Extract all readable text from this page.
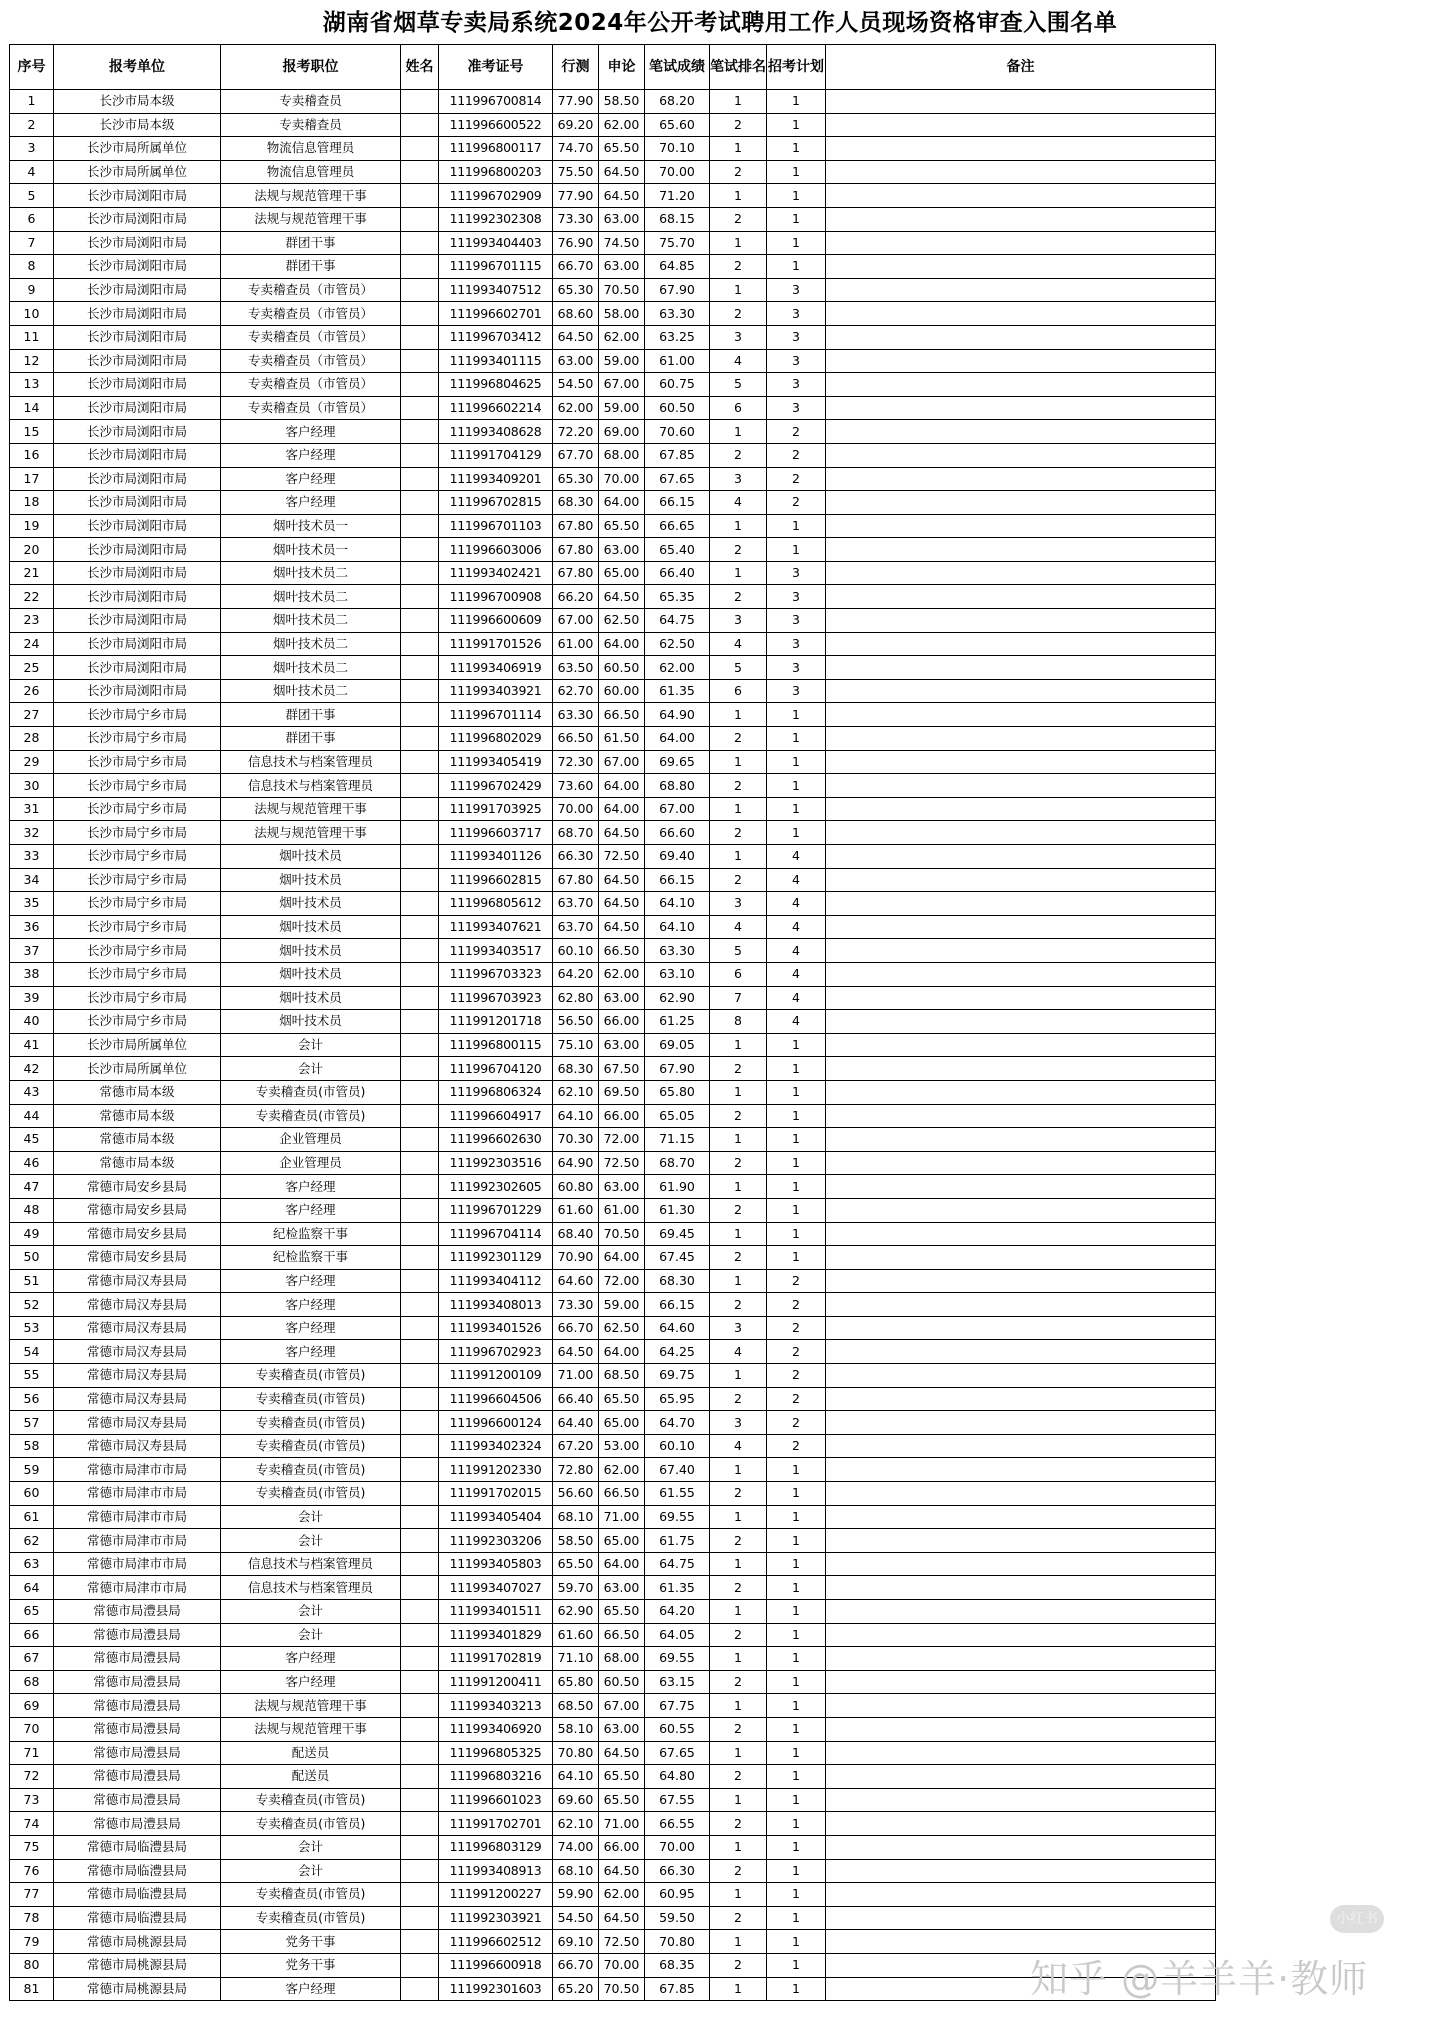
湖南省烟草专卖局系统2024年公开考试聘用工作人员现场资格审查入围名单
序号	报考单位	报考职位	姓名	准考证号	行测	申论	笔试成绩	笔试排名	招考计划	备注
1	长沙市局本级	专卖稽查员		111996700814	77.90	58.50	68.20	1	1	
2	长沙市局本级	专卖稽查员		111996600522	69.20	62.00	65.60	2	1	
3	长沙市局所属单位	物流信息管理员		111996800117	74.70	65.50	70.10	1	1	
4	长沙市局所属单位	物流信息管理员		111996800203	75.50	64.50	70.00	2	1	
5	长沙市局浏阳市局	法规与规范管理干事		111996702909	77.90	64.50	71.20	1	1	
6	长沙市局浏阳市局	法规与规范管理干事		111992302308	73.30	63.00	68.15	2	1	
7	长沙市局浏阳市局	群团干事		111993404403	76.90	74.50	75.70	1	1	
8	长沙市局浏阳市局	群团干事		111996701115	66.70	63.00	64.85	2	1	
9	长沙市局浏阳市局	专卖稽查员（市管员）		111993407512	65.30	70.50	67.90	1	3	
10	长沙市局浏阳市局	专卖稽查员（市管员）		111996602701	68.60	58.00	63.30	2	3	
11	长沙市局浏阳市局	专卖稽查员（市管员）		111996703412	64.50	62.00	63.25	3	3	
12	长沙市局浏阳市局	专卖稽查员（市管员）		111993401115	63.00	59.00	61.00	4	3	
13	长沙市局浏阳市局	专卖稽查员（市管员）		111996804625	54.50	67.00	60.75	5	3	
14	长沙市局浏阳市局	专卖稽查员（市管员）		111996602214	62.00	59.00	60.50	6	3	
15	长沙市局浏阳市局	客户经理		111993408628	72.20	69.00	70.60	1	2	
16	长沙市局浏阳市局	客户经理		111991704129	67.70	68.00	67.85	2	2	
17	长沙市局浏阳市局	客户经理		111993409201	65.30	70.00	67.65	3	2	
18	长沙市局浏阳市局	客户经理		111996702815	68.30	64.00	66.15	4	2	
19	长沙市局浏阳市局	烟叶技术员一		111996701103	67.80	65.50	66.65	1	1	
20	长沙市局浏阳市局	烟叶技术员一		111996603006	67.80	63.00	65.40	2	1	
21	长沙市局浏阳市局	烟叶技术员二		111993402421	67.80	65.00	66.40	1	3	
22	长沙市局浏阳市局	烟叶技术员二		111996700908	66.20	64.50	65.35	2	3	
23	长沙市局浏阳市局	烟叶技术员二		111996600609	67.00	62.50	64.75	3	3	
24	长沙市局浏阳市局	烟叶技术员二		111991701526	61.00	64.00	62.50	4	3	
25	长沙市局浏阳市局	烟叶技术员二		111993406919	63.50	60.50	62.00	5	3	
26	长沙市局浏阳市局	烟叶技术员二		111993403921	62.70	60.00	61.35	6	3	
27	长沙市局宁乡市局	群团干事		111996701114	63.30	66.50	64.90	1	1	
28	长沙市局宁乡市局	群团干事		111996802029	66.50	61.50	64.00	2	1	
29	长沙市局宁乡市局	信息技术与档案管理员		111993405419	72.30	67.00	69.65	1	1	
30	长沙市局宁乡市局	信息技术与档案管理员		111996702429	73.60	64.00	68.80	2	1	
31	长沙市局宁乡市局	法规与规范管理干事		111991703925	70.00	64.00	67.00	1	1	
32	长沙市局宁乡市局	法规与规范管理干事		111996603717	68.70	64.50	66.60	2	1	
33	长沙市局宁乡市局	烟叶技术员		111993401126	66.30	72.50	69.40	1	4	
34	长沙市局宁乡市局	烟叶技术员		111996602815	67.80	64.50	66.15	2	4	
35	长沙市局宁乡市局	烟叶技术员		111996805612	63.70	64.50	64.10	3	4	
36	长沙市局宁乡市局	烟叶技术员		111993407621	63.70	64.50	64.10	4	4	
37	长沙市局宁乡市局	烟叶技术员		111993403517	60.10	66.50	63.30	5	4	
38	长沙市局宁乡市局	烟叶技术员		111996703323	64.20	62.00	63.10	6	4	
39	长沙市局宁乡市局	烟叶技术员		111996703923	62.80	63.00	62.90	7	4	
40	长沙市局宁乡市局	烟叶技术员		111991201718	56.50	66.00	61.25	8	4	
41	长沙市局所属单位	会计		111996800115	75.10	63.00	69.05	1	1	
42	长沙市局所属单位	会计		111996704120	68.30	67.50	67.90	2	1	
43	常德市局本级	专卖稽查员(市管员)		111996806324	62.10	69.50	65.80	1	1	
44	常德市局本级	专卖稽查员(市管员)		111996604917	64.10	66.00	65.05	2	1	
45	常德市局本级	企业管理员		111996602630	70.30	72.00	71.15	1	1	
46	常德市局本级	企业管理员		111992303516	64.90	72.50	68.70	2	1	
47	常德市局安乡县局	客户经理		111992302605	60.80	63.00	61.90	1	1	
48	常德市局安乡县局	客户经理		111996701229	61.60	61.00	61.30	2	1	
49	常德市局安乡县局	纪检监察干事		111996704114	68.40	70.50	69.45	1	1	
50	常德市局安乡县局	纪检监察干事		111992301129	70.90	64.00	67.45	2	1	
51	常德市局汉寿县局	客户经理		111993404112	64.60	72.00	68.30	1	2	
52	常德市局汉寿县局	客户经理		111993408013	73.30	59.00	66.15	2	2	
53	常德市局汉寿县局	客户经理		111993401526	66.70	62.50	64.60	3	2	
54	常德市局汉寿县局	客户经理		111996702923	64.50	64.00	64.25	4	2	
55	常德市局汉寿县局	专卖稽查员(市管员)		111991200109	71.00	68.50	69.75	1	2	
56	常德市局汉寿县局	专卖稽查员(市管员)		111996604506	66.40	65.50	65.95	2	2	
57	常德市局汉寿县局	专卖稽查员(市管员)		111996600124	64.40	65.00	64.70	3	2	
58	常德市局汉寿县局	专卖稽查员(市管员)		111993402324	67.20	53.00	60.10	4	2	
59	常德市局津市市局	专卖稽查员(市管员)		111991202330	72.80	62.00	67.40	1	1	
60	常德市局津市市局	专卖稽查员(市管员)		111991702015	56.60	66.50	61.55	2	1	
61	常德市局津市市局	会计		111993405404	68.10	71.00	69.55	1	1	
62	常德市局津市市局	会计		111992303206	58.50	65.00	61.75	2	1	
63	常德市局津市市局	信息技术与档案管理员		111993405803	65.50	64.00	64.75	1	1	
64	常德市局津市市局	信息技术与档案管理员		111993407027	59.70	63.00	61.35	2	1	
65	常德市局澧县局	会计		111993401511	62.90	65.50	64.20	1	1	
66	常德市局澧县局	会计		111993401829	61.60	66.50	64.05	2	1	
67	常德市局澧县局	客户经理		111991702819	71.10	68.00	69.55	1	1	
68	常德市局澧县局	客户经理		111991200411	65.80	60.50	63.15	2	1	
69	常德市局澧县局	法规与规范管理干事		111993403213	68.50	67.00	67.75	1	1	
70	常德市局澧县局	法规与规范管理干事		111993406920	58.10	63.00	60.55	2	1	
71	常德市局澧县局	配送员		111996805325	70.80	64.50	67.65	1	1	
72	常德市局澧县局	配送员		111996803216	64.10	65.50	64.80	2	1	
73	常德市局澧县局	专卖稽查员(市管员)		111996601023	69.60	65.50	67.55	1	1	
74	常德市局澧县局	专卖稽查员(市管员)		111991702701	62.10	71.00	66.55	2	1	
75	常德市局临澧县局	会计		111996803129	74.00	66.00	70.00	1	1	
76	常德市局临澧县局	会计		111993408913	68.10	64.50	66.30	2	1	
77	常德市局临澧县局	专卖稽查员(市管员)		111991200227	59.90	62.00	60.95	1	1	
78	常德市局临澧县局	专卖稽查员(市管员)		111992303921	54.50	64.50	59.50	2	1	
79	常德市局桃源县局	党务干事		111996602512	69.10	72.50	70.80	1	1	
80	常德市局桃源县局	党务干事		111996600918	66.70	70.00	68.35	2	1	
81	常德市局桃源县局	客户经理		111992301603	65.20	70.50	67.85	1	1	
小红书
知乎 @羊羊羊·教师
